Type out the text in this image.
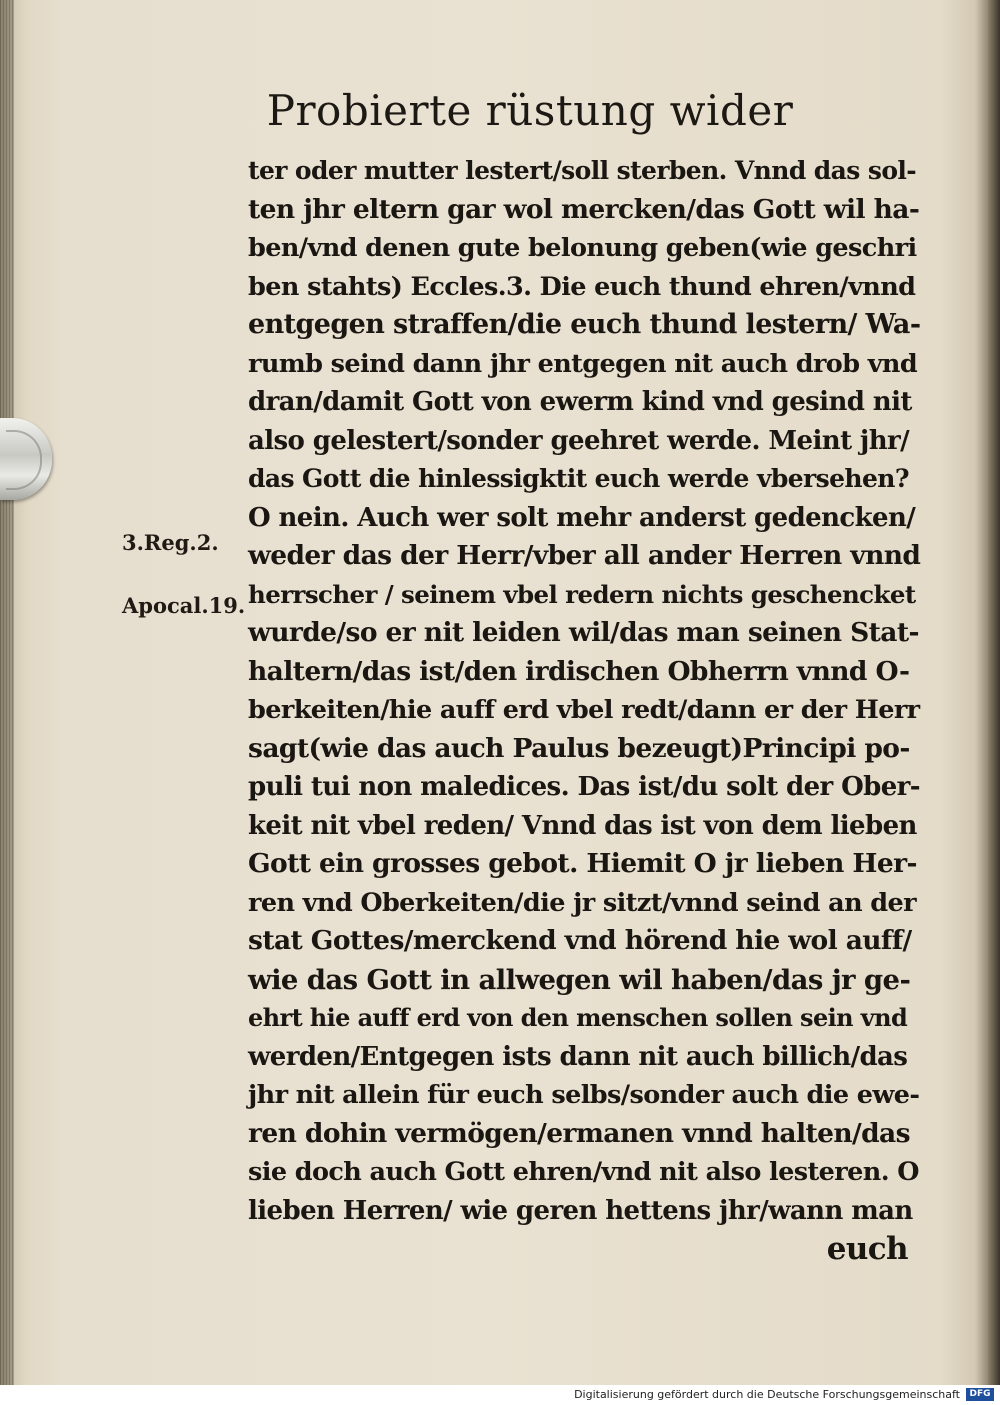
Probierte rüstung wider
ter oder mutter lestert/soll sterben. Vnnd das sol-
ten jhr eltern gar wol mercken/das Gott wil ha-
ben/vnd denen gute belonung geben(wie geschri
ben stahts) Eccles.3. Die euch thund ehren/vnnd
entgegen straffen/die euch thund lestern/ Wa-
rumb seind dann jhr entgegen nit auch drob vnd
dran/damit Gott von ewerm kind vnd gesind nit
also gelestert/sonder geehret werde. Meint jhr/
das Gott die hinlessigktit euch werde vbersehen?
O nein. Auch wer solt mehr anderst gedencken/
weder das der Herr/vber all ander Herren vnnd
herrscher / seinem vbel redern nichts geschencket
wurde/so er nit leiden wil/das man seinen Stat-
haltern/das ist/den irdischen Obherrn vnnd O-
berkeiten/hie auff erd vbel redt/dann er der Herr
sagt(wie das auch Paulus bezeugt)Principi po-
puli tui non maledices. Das ist/du solt der Ober-
keit nit vbel reden/ Vnnd das ist von dem lieben
Gott ein grosses gebot. Hiemit O jr lieben Her-
ren vnd Oberkeiten/die jr sitzt/vnnd seind an der
stat Gottes/merckend vnd hörend hie wol auff/
wie das Gott in allwegen wil haben/das jr ge-
ehrt hie auff erd von den menschen sollen sein vnd
werden/Entgegen ists dann nit auch billich/das
jhr nit allein für euch selbs/sonder auch die ewe-
ren dohin vermögen/ermanen vnnd halten/das
sie doch auch Gott ehren/vnd nit also lesteren. O
lieben Herren/ wie geren hettens jhr/wann man
euch
3.Reg.2.
Apocal.19.
Digitalisierung gefördert durch die Deutsche Forschungsgemeinschaft	DFG
